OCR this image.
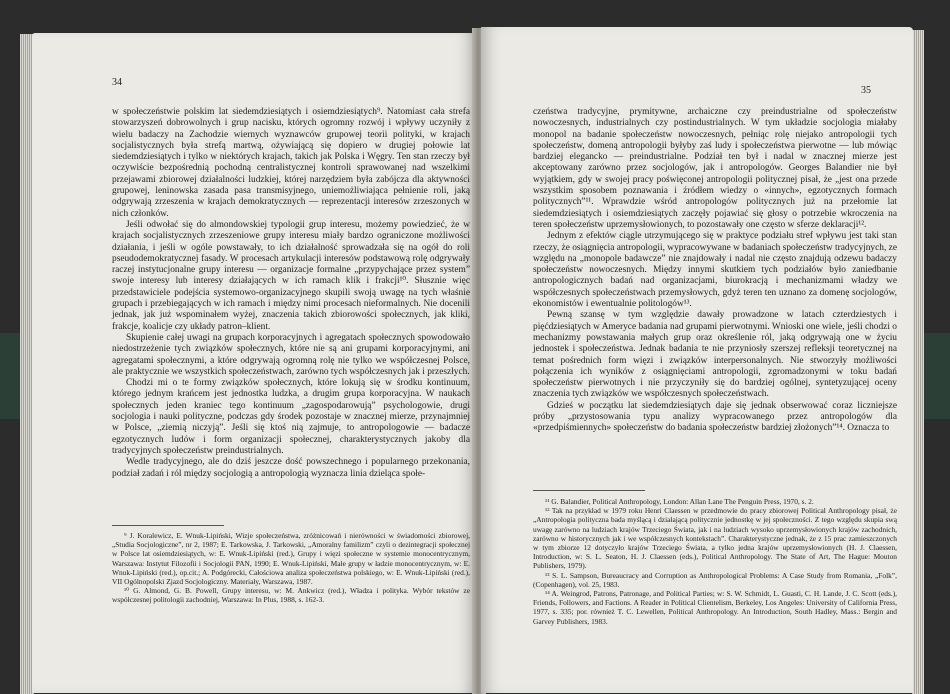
34

w społeczeństwie polskim lat siedemdziesiątych i osiemdziesiątych⁹. Natomiast cała strefa stowarzyszeń dobrowolnych i grup nacisku, których ogromny rozwój i wpływy uczyniły z wielu badaczy na Zachodzie wiernych wyznawców grupowej teorii polityki, w krajach socjalistycznych była strefą martwą, ożywiającą się dopiero w drugiej połowie lat siedemdziesiątych i tylko w niektórych krajach, takich jak Polska i Węgry. Ten stan rzeczy był oczywiście bezpośrednią pochodną centralistycznej kontroli sprawowanej nad wszelkimi przejawami zbiorowej działalności ludzkiej, której narzędziem była zabójcza dla aktywności grupowej, leninowska zasada pasa transmisyjnego, uniemożliwiająca pełnienie roli, jaką odgrywają zrzeszenia w krajach demokratycznych — reprezentacji interesów zrzeszonych w nich członków.

Jeśli odwołać się do almondowskiej typologii grup interesu, możemy powiedzieć, że w krajach socjalistycznych zrzeszeniowe grupy interesu miały bardzo ograniczone możliwości działania, i jeśli w ogóle powstawały, to ich działalność sprowadzała się na ogół do roli pseudodemokratycznej fasady. W procesach artykulacji interesów podstawową rolę odgrywały raczej instytucjonalne grupy interesu — organizacje formalne „przypychające przez system” swoje interesy lub interesy działających w ich ramach klik i frakcji¹⁰. Słusznie więc przedstawiciele podejścia systemowo-organizacyjnego skupili swoją uwagę na tych właśnie grupach i przebiegających w ich ramach i między nimi procesach nieformalnych. Nie docenili jednak, jak już wspominałem wyżej, znaczenia takich zbiorowości społecznych, jak kliki, frakcje, koalicje czy układy patron–klient.

Skupienie całej uwagi na grupach korporacyjnych i agregatach społecznych spowodowało niedostrzeżenie tych związków społecznych, które nie są ani grupami korporacyjnymi, ani agregatami społecznymi, a które odgrywają ogromną rolę nie tylko we współczesnej Polsce, ale praktycznie we wszystkich społeczeństwach, zarówno tych współczesnych jak i przeszłych.

Chodzi mi o te formy związków społecznych, które lokują się w środku kontinuum, którego jednym krańcem jest jednostka ludzka, a drugim grupa korporacyjna. W naukach społecznych jeden kraniec tego kontinuum „zagospodarowują” psychologowie, drugi socjologia i nauki polityczne, podczas gdy środek pozostaje w znacznej mierze, przynajmniej w Polsce, „ziemią niczyją”. Jeśli się ktoś nią zajmuje, to antropologowie — badacze egzotycznych ludów i form organizacji społecznej, charakterystycznych jakoby dla tradycyjnych społeczeństw preindustrialnych.

Wedle tradycyjnego, ale do dziś jeszcze dość powszechnego i popularnego przekonania, podział zadań i ról między socjologią a antropologią wyznacza linia dzieląca społe-

⁹ J. Koralewicz, E. Wnuk-Lipiński, Wizje społeczeństwa, zróżnicowań i nierówności w świadomości zbiorowej, „Studia Socjologiczne”, nr 2, 1987; E. Tarkowska, J. Tarkowski, „Amoralny familizm” czyli o dezintegracji społecznej w Polsce lat osiemdziesiątych, w: E. Wnuk-Lipiński (red.), Grupy i więzi społeczne w systemie monocentrycznym, Warszawa: Instytut Filozofii i Socjologii PAN, 1990; E. Wnuk-Lipiński, Małe grupy w ładzie monocentrycznym, w: E. Wnuk-Lipiński (red.), op.cit.; A. Podgórecki, Całościowa analiza społeczeństwa polskiego, w: E. Wnuk-Lipiński (red.), VII Ogólnopolski Zjazd Socjologiczny. Materiały, Warszawa, 1987.

¹⁰ G. Almond, G. B. Powell, Grupy interesu, w: M. Ankwicz (red.), Władza i polityka. Wybór tekstów ze współczesnej politologii zachodniej, Warszawa: In Plus, 1988, s. 162-3.

35

czeństwa tradycyjne, prymitywne, archaiczne czy preindustrialne od społeczeństw nowoczesnych, industrialnych czy postindustrialnych. W tym układzie socjologia miałaby monopol na badanie społeczeństw nowoczesnych, pełniąc rolę niejako antropologii tych społeczeństw, domeną antropologii byłyby zaś ludy i społeczeństwa pierwotne — lub mówiąc bardziej elegancko — preindustrialne. Podział ten był i nadal w znacznej mierze jest akceptowany zarówno przez socjologów, jak i antropologów. Georges Balandier nie był wyjątkiem, gdy w swojej pracy poświęconej antropologii politycznej pisał, że „jest ona przede wszystkim sposobem poznawania i źródłem wiedzy o «innych», egzotycznych formach politycznych”¹¹. Wprawdzie wśród antropologów politycznych już na przełomie lat siedemdziesiątych i osiemdziesiątych zaczęły pojawiać się głosy o potrzebie wkroczenia na teren społeczeństw uprzemysłowionych, to pozostawały one często w sferze deklaracji¹².

Jednym z efektów ciągle utrzymującego się w praktyce podziału stref wpływu jest taki stan rzeczy, że osiągnięcia antropologii, wypracowywane w badaniach społeczeństw tradycyjnych, ze względu na „monopole badawcze” nie znajdowały i nadal nie często znajdują odzewu badaczy społeczeństw nowoczesnych. Między innymi skutkiem tych podziałów było zaniedbanie antropologicznych badań nad organizacjami, biurokracją i mechanizmami władzy we współczesnych społeczeństwach przemysłowych, gdyż teren ten uznano za domenę socjologów, ekonomistów i ewentualnie politologów¹³.

Pewną szansę w tym względzie dawały prowadzone w latach czterdziestych i pięćdziesiątych w Ameryce badania nad grupami pierwotnymi. Wnioski one wiele, jeśli chodzi o mechanizmy powstawania małych grup oraz określenie ról, jaką odgrywają one w życiu jednostek i społeczeństwa. Jednak badania te nie przyniosły szerszej refleksji teoretycznej na temat pośrednich form więzi i związków interpersonalnych. Nie stworzyły możliwości połączenia ich wyników z osiągnięciami antropologii, zgromadzonymi w toku badań społeczeństw pierwotnych i nie przyczyniły się do bardziej ogólnej, syntetyzującej oceny znaczenia tych związków we współczesnych społeczeństwach.

Gdzieś w początku lat siedemdziesiątych daje się jednak obserwować coraz liczniejsze próby „przystosowania typu analizy wypracowanego przez antropologów dla «przedpiśmiennych» społeczeństw do badania społeczeństw bardziej złożonych”¹⁴. Oznacza to

¹¹ G. Balandier, Political Anthropology, London: Allan Lane The Penguin Press, 1970, s. 2.

¹² Tak na przykład w 1979 roku Henri Claessen w przedmowie do pracy zbiorowej Political Anthropology pisał, że „Antropologia polityczna bada myślącą i działającą politycznie jednostkę w jej społeczności. Z tego względu skupia swą uwagę zarówno na ludziach krajów Trzeciego Świata, jak i na ludziach wysoko uprzemysłowionych krajów zachodnich, zarówno w historycznych jak i we współczesnych kontekstach”. Charakterystyczne jednak, że z 15 prac zamieszczonych w tym zbiorze 12 dotyczyło krajów Trzeciego Świata, a tylko jedna krajów uprzemysłowionych (H. J. Claessen, Introduction, w: S. L. Seaton, H. J. Claessen (eds.), Political Anthropology. The State of Art, The Hague: Mouton Publishers, 1979).

¹³ S. L. Sampson, Bureaucracy and Corruption as Anthropological Problems: A Case Study from Romania, „Folk”, (Copenhagen), vol. 25, 1983.

¹⁴ A. Weingrod, Patrons, Patronage, and Political Parties; w: S. W. Schmidt, L. Guasti, C. H. Lande, J. C. Scott (eds.), Friends, Followers, and Factions. A Reader in Political Clientelism, Berkeley, Los Angeles: University of California Press, 1977, s. 335; por. również T. C. Lewellen, Political Anthropology. An Introduction, South Hadley, Mass.: Bergin and Garvey Publishers, 1983.
